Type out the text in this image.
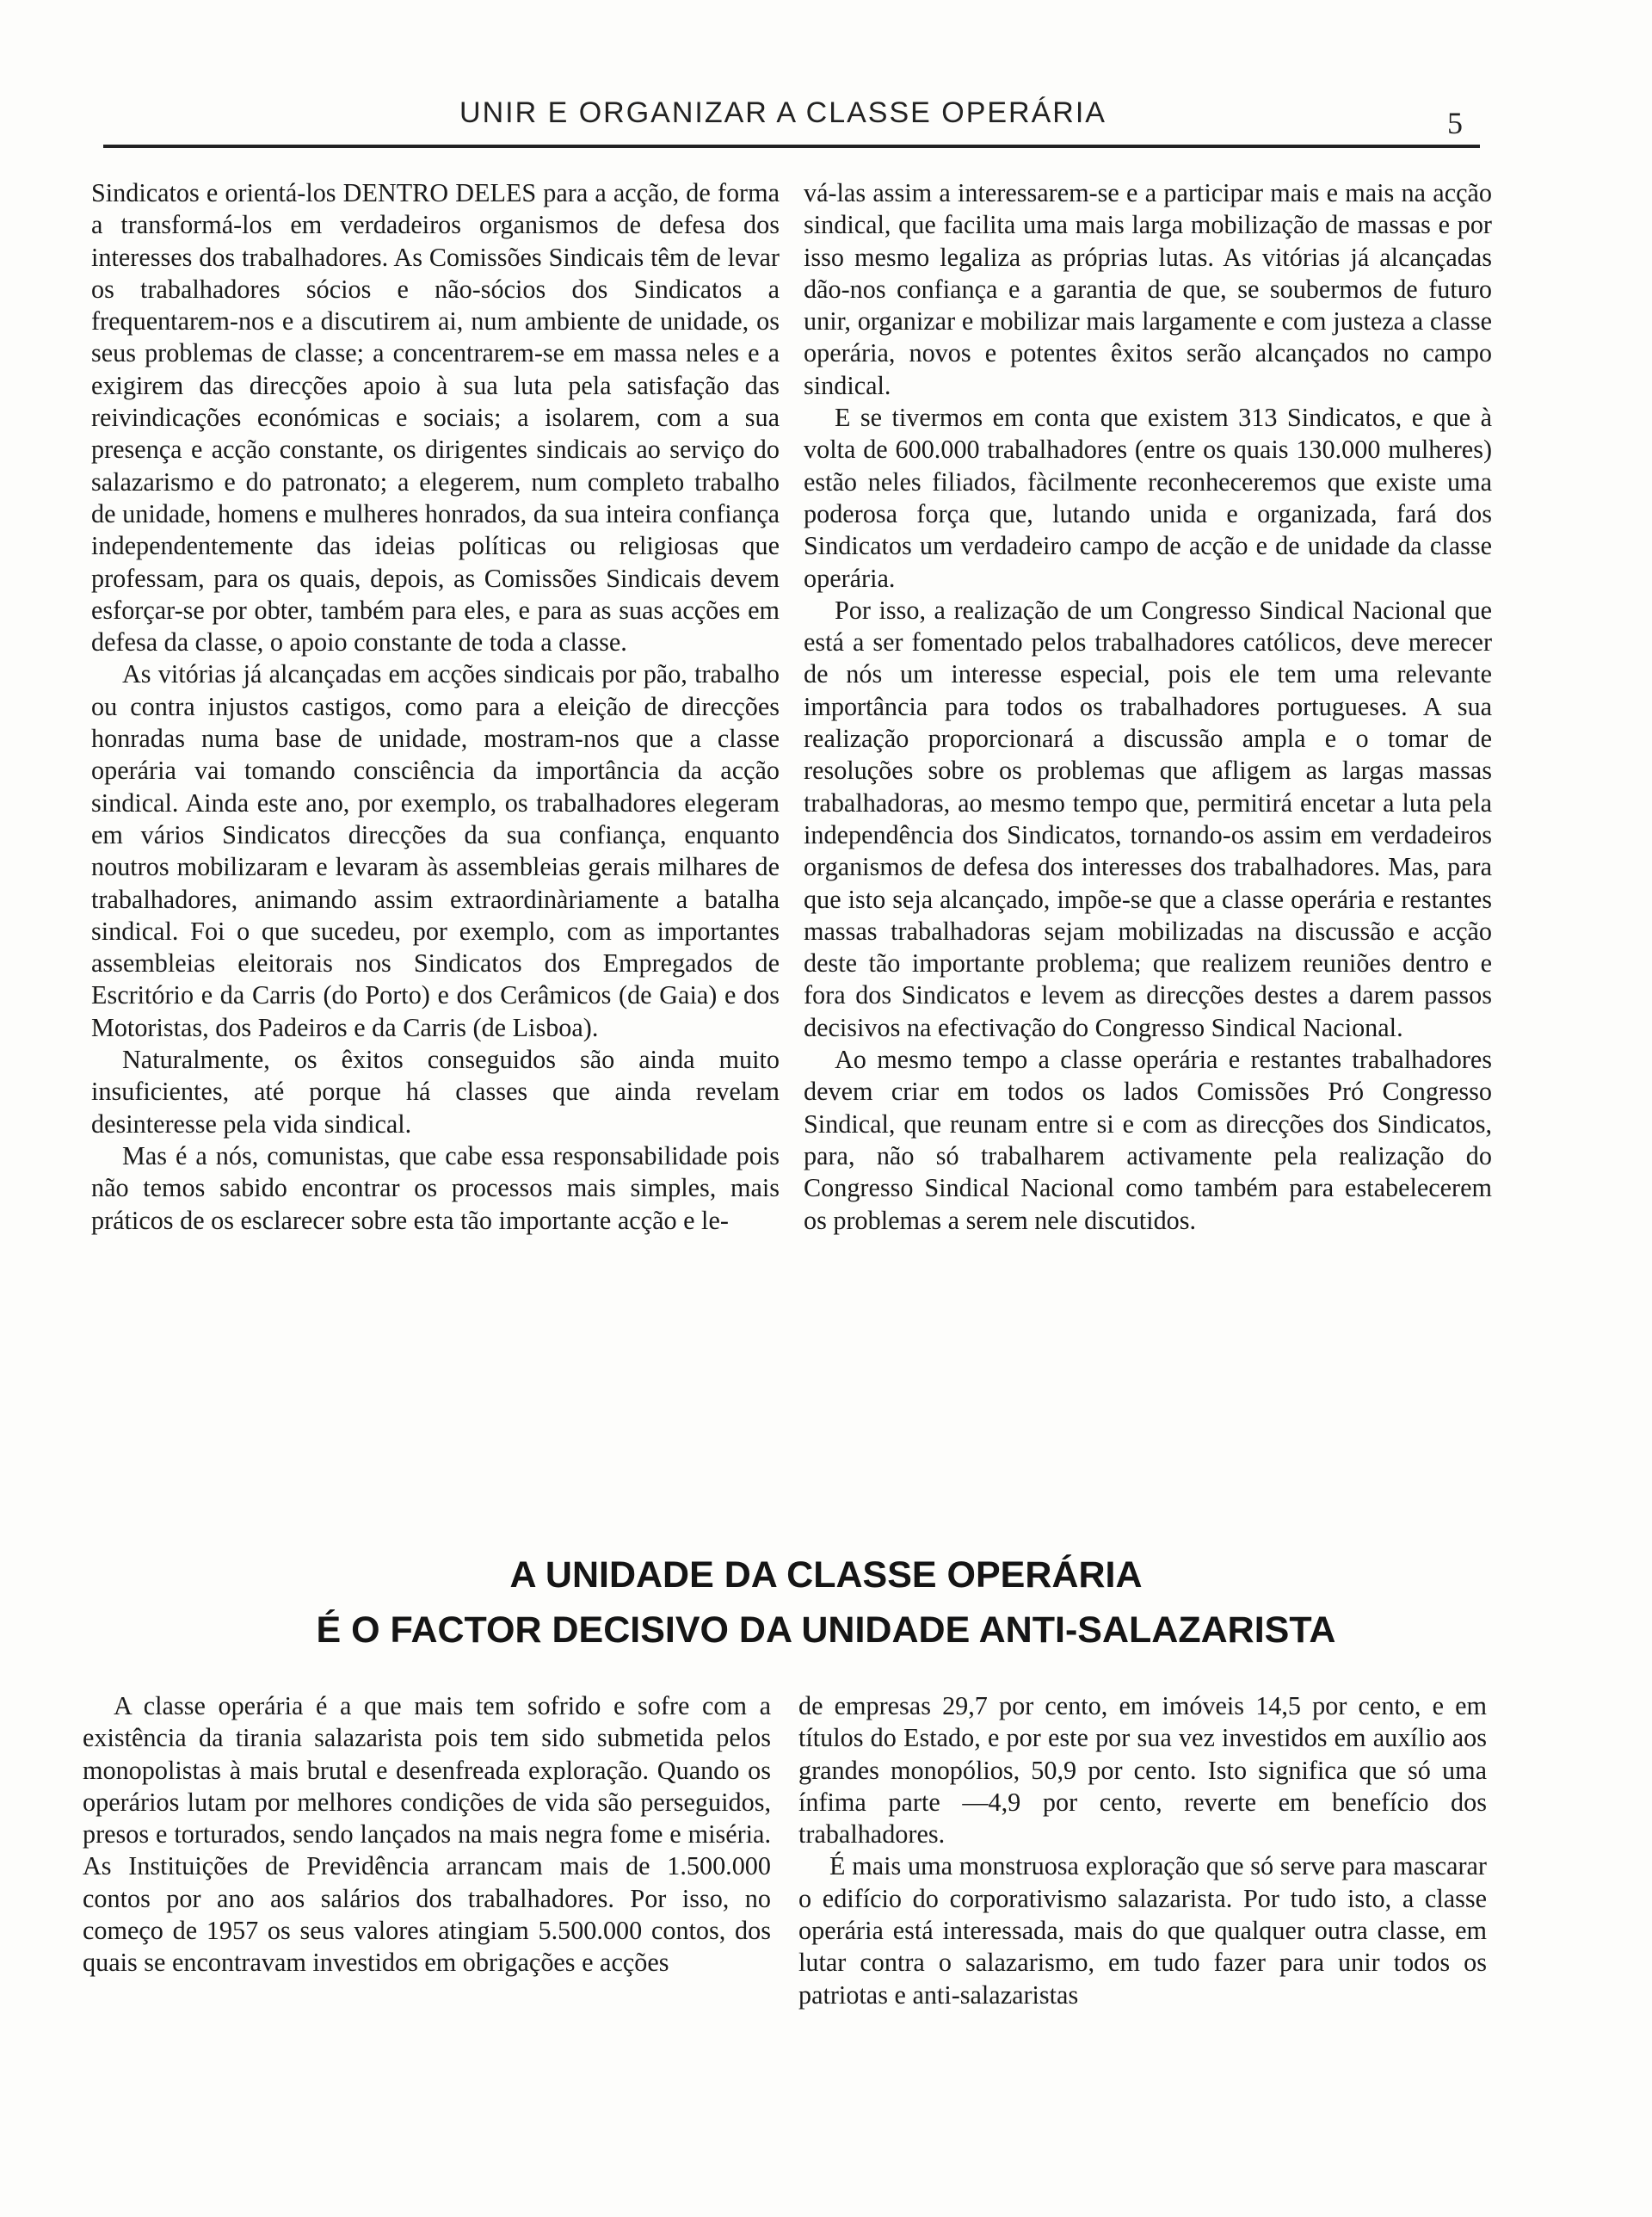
UNIR E ORGANIZAR A CLASSE OPERÁRIA	5

Sindicatos e orientá-los DENTRO DELES para a acção, de forma a transformá-los em verdadeiros organismos de defesa dos interesses dos trabalhadores. As Comissões Sindicais têm de levar os trabalhadores sócios e não-sócios dos Sindicatos a frequentarem-nos e a discutirem ai, num ambiente de unidade, os seus problemas de classe; a concentrarem-se em massa neles e a exigirem das direcções apoio à sua luta pela satisfação das reivindicações económicas e sociais; a isolarem, com a sua presença e acção constante, os dirigentes sindicais ao serviço do salazarismo e do patronato; a elegerem, num completo trabalho de unidade, homens e mulheres honrados, da sua inteira confiança independentemente das ideias políticas ou religiosas que professam, para os quais, depois, as Comissões Sindicais devem esforçar-se por obter, também para eles, e para as suas acções em defesa da classe, o apoio constante de toda a classe.

As vitórias já alcançadas em acções sindicais por pão, trabalho ou contra injustos castigos, como para a eleição de direcções honradas numa base de unidade, mostram-nos que a classe operária vai tomando consciência da importância da acção sindical. Ainda este ano, por exemplo, os trabalhadores elegeram em vários Sindicatos direcções da sua confiança, enquanto noutros mobilizaram e levaram às assembleias gerais milhares de trabalhadores, animando assim extraordinàriamente a batalha sindical. Foi o que sucedeu, por exemplo, com as importantes assembleias eleitorais nos Sindicatos dos Empregados de Escritório e da Carris (do Porto) e dos Cerâmicos (de Gaia) e dos Motoristas, dos Padeiros e da Carris (de Lisboa).

Naturalmente, os êxitos conseguidos são ainda muito insuficientes, até porque há classes que ainda revelam desinteresse pela vida sindical.

Mas é a nós, comunistas, que cabe essa responsabilidade pois não temos sabido encontrar os processos mais simples, mais práticos de os esclarecer sobre esta tão importante acção e le-

vá-las assim a interessarem-se e a participar mais e mais na acção sindical, que facilita uma mais larga mobilização de massas e por isso mesmo legaliza as próprias lutas. As vitórias já alcançadas dão-nos confiança e a garantia de que, se soubermos de futuro unir, organizar e mobilizar mais largamente e com justeza a classe operária, novos e potentes êxitos serão alcançados no campo sindical.

E se tivermos em conta que existem 313 Sindicatos, e que à volta de 600.000 trabalhadores (entre os quais 130.000 mulheres) estão neles filiados, fàcilmente reconheceremos que existe uma poderosa força que, lutando unida e organizada, fará dos Sindicatos um verdadeiro campo de acção e de unidade da classe operária.

Por isso, a realização de um Congresso Sindical Nacional que está a ser fomentado pelos trabalhadores católicos, deve merecer de nós um interesse especial, pois ele tem uma relevante importância para todos os trabalhadores portugueses. A sua realização proporcionará a discussão ampla e o tomar de resoluções sobre os problemas que afligem as largas massas trabalhadoras, ao mesmo tempo que, permitirá encetar a luta pela independência dos Sindicatos, tornando-os assim em verdadeiros organismos de defesa dos interesses dos trabalhadores. Mas, para que isto seja alcançado, impõe-se que a classe operária e restantes massas trabalhadoras sejam mobilizadas na discussão e acção deste tão importante problema; que realizem reuniões dentro e fora dos Sindicatos e levem as direcções destes a darem passos decisivos na efectivação do Congresso Sindical Nacional.

Ao mesmo tempo a classe operária e restantes trabalhadores devem criar em todos os lados Comissões Pró Congresso Sindical, que reunam entre si e com as direcções dos Sindicatos, para, não só trabalharem activamente pela realização do Congresso Sindical Nacional como também para estabelecerem os problemas a serem nele discutidos.

A UNIDADE DA CLASSE OPERÁRIA
É O FACTOR DECISIVO DA UNIDADE ANTI-SALAZARISTA

A classe operária é a que mais tem sofrido e sofre com a existência da tirania salazarista pois tem sido submetida pelos monopolistas à mais brutal e desenfreada exploração. Quando os operários lutam por melhores condições de vida são perseguidos, presos e torturados, sendo lançados na mais negra fome e miséria. As Instituições de Previdência arrancam mais de 1.500.000 contos por ano aos salários dos trabalhadores. Por isso, no começo de 1957 os seus valores atingiam 5.500.000 contos, dos quais se encontravam investidos em obrigações e acções

de empresas 29,7 por cento, em imóveis 14,5 por cento, e em títulos do Estado, e por este por sua vez investidos em auxílio aos grandes monopólios, 50,9 por cento. Isto significa que só uma ínfima parte —4,9 por cento, reverte em benefício dos trabalhadores.

É mais uma monstruosa exploração que só serve para mascarar o edifício do corporativismo salazarista. Por tudo isto, a classe operária está interessada, mais do que qualquer outra classe, em lutar contra o salazarismo, em tudo fazer para unir todos os patriotas e anti-salazaristas
